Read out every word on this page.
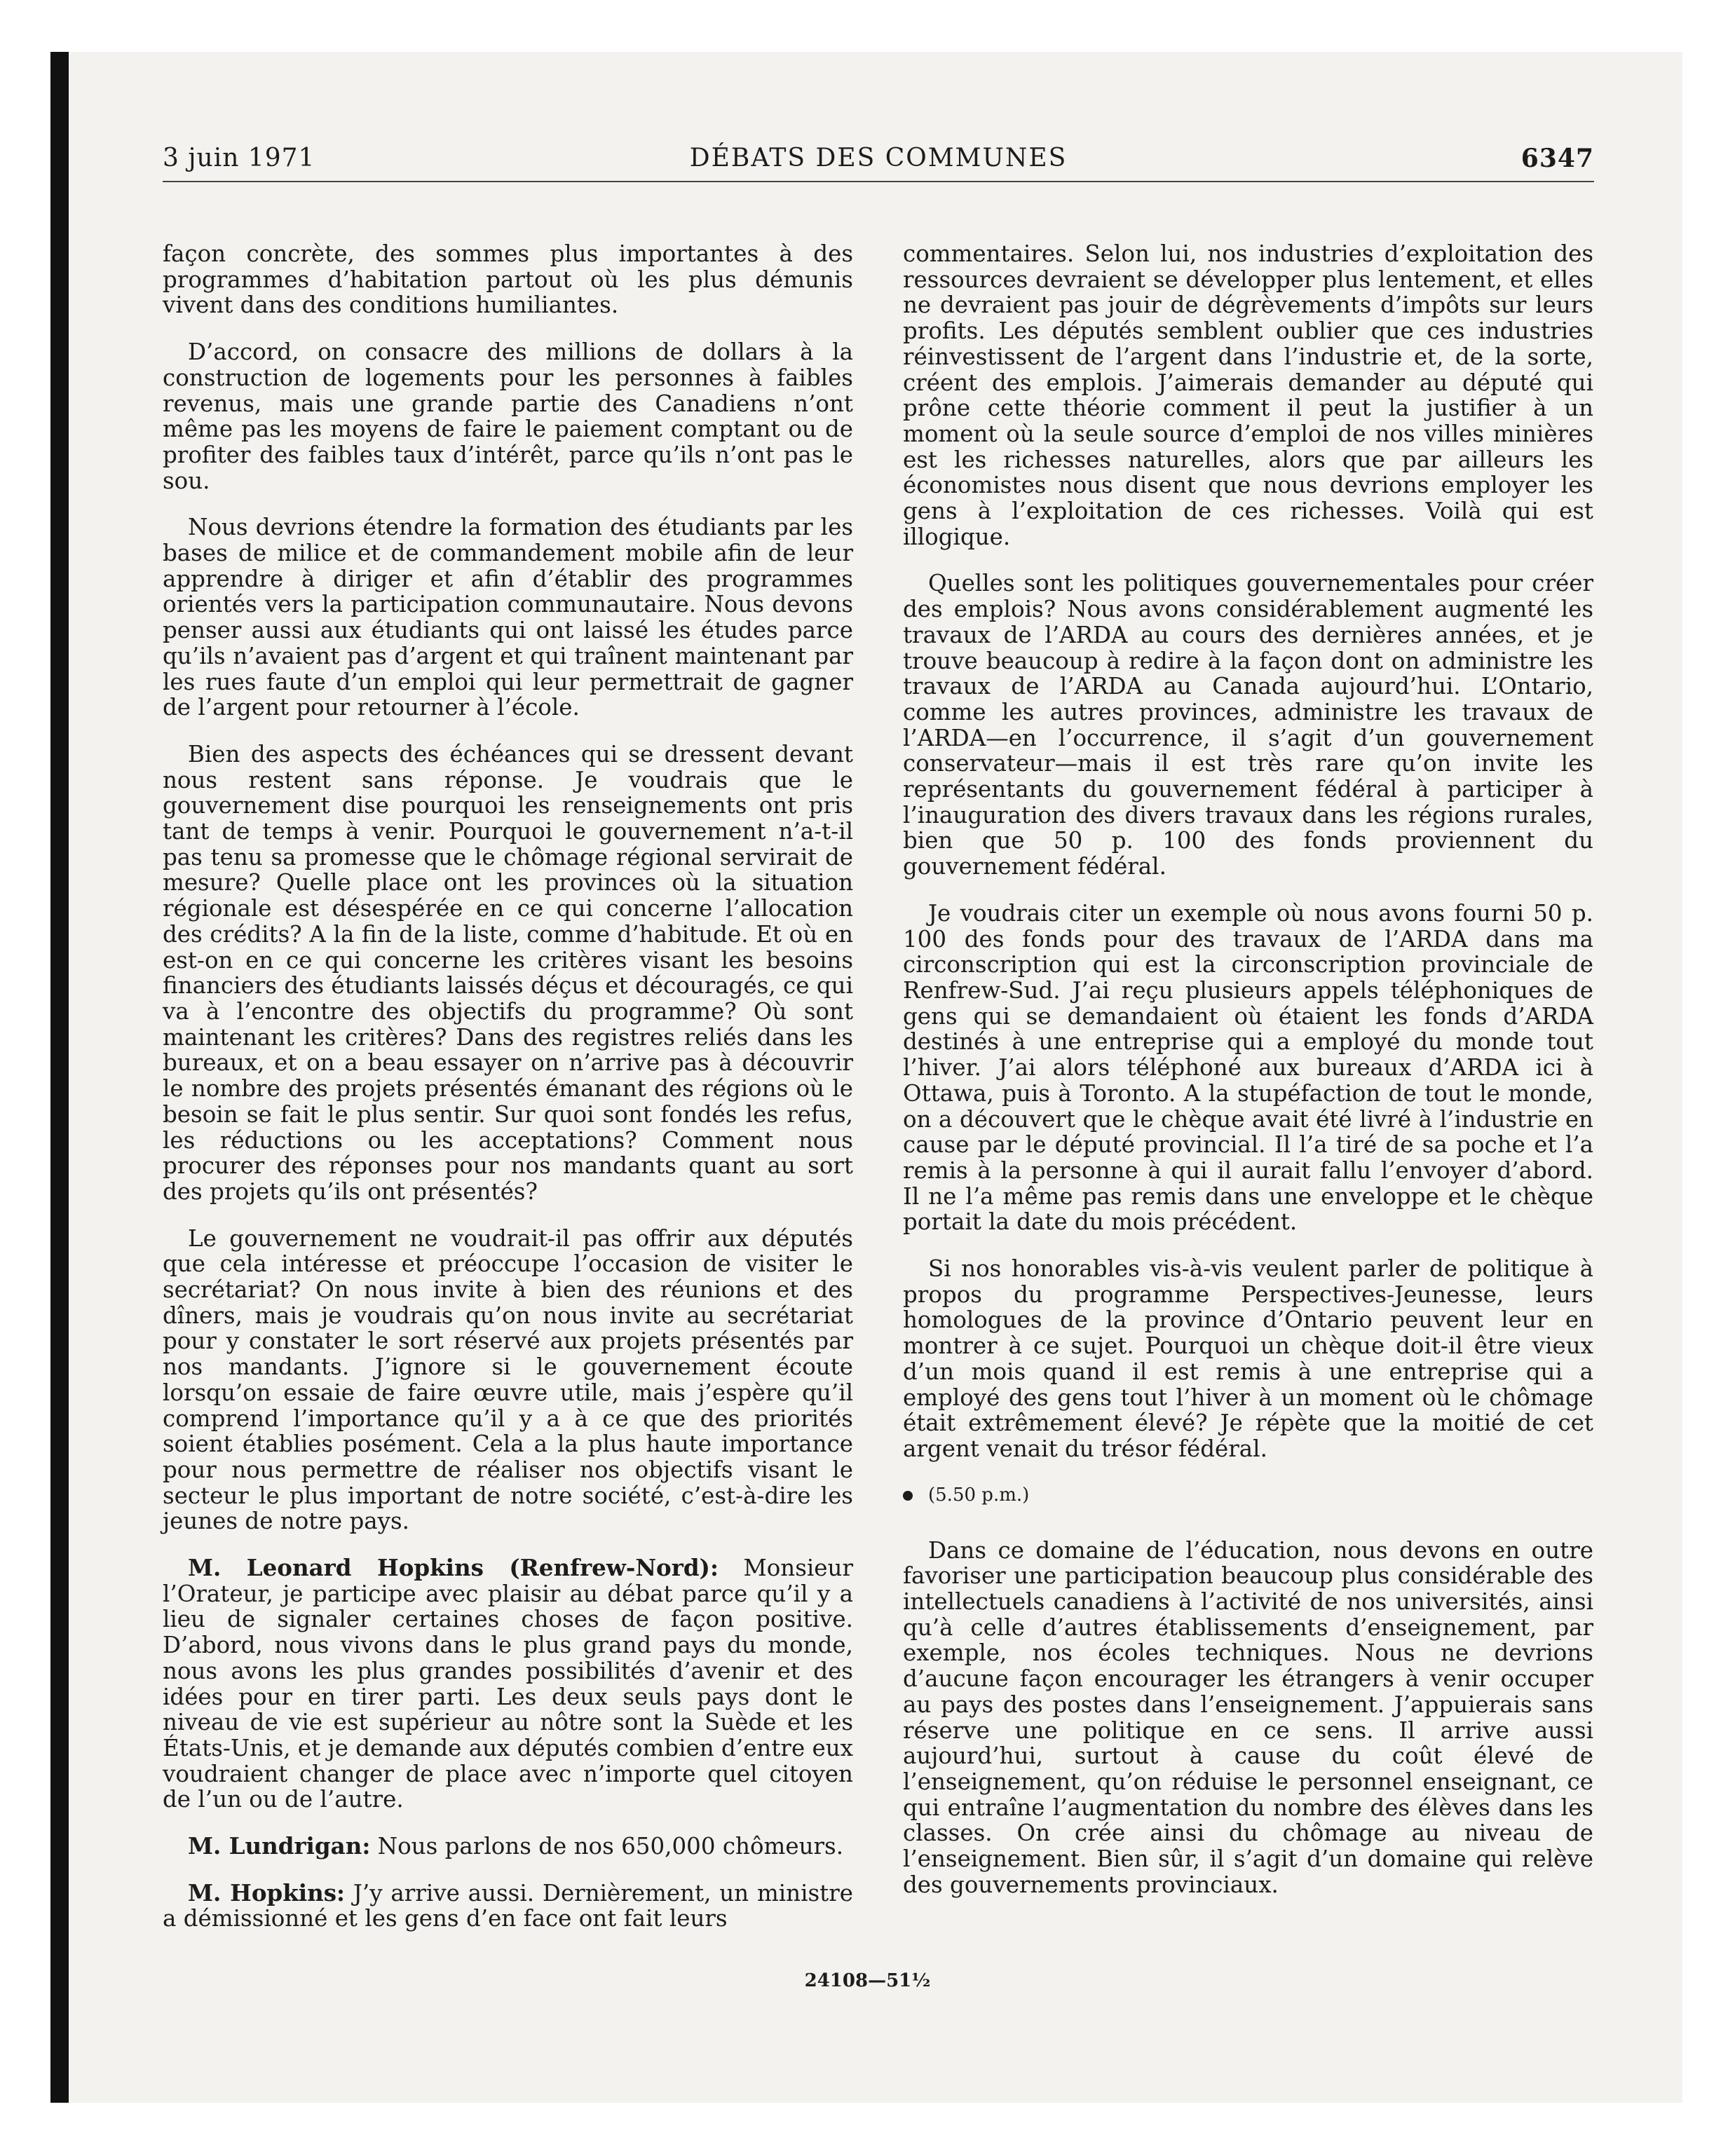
3 juin 1971	DÉBATS DES COMMUNES	6347

façon concrète, des sommes plus importantes à des programmes d’habitation partout où les plus démunis vivent dans des conditions humiliantes.

D’accord, on consacre des millions de dollars à la construction de logements pour les personnes à faibles revenus, mais une grande partie des Canadiens n’ont même pas les moyens de faire le paiement comptant ou de profiter des faibles taux d’intérêt, parce qu’ils n’ont pas le sou.

Nous devrions étendre la formation des étudiants par les bases de milice et de commandement mobile afin de leur apprendre à diriger et afin d’établir des programmes orientés vers la participation communautaire. Nous devons penser aussi aux étudiants qui ont laissé les études parce qu’ils n’avaient pas d’argent et qui traînent maintenant par les rues faute d’un emploi qui leur permettrait de gagner de l’argent pour retourner à l’école.

Bien des aspects des échéances qui se dressent devant nous restent sans réponse. Je voudrais que le gouvernement dise pourquoi les renseignements ont pris tant de temps à venir. Pourquoi le gouvernement n’a-t-il pas tenu sa promesse que le chômage régional servirait de mesure? Quelle place ont les provinces où la situation régionale est désespérée en ce qui concerne l’allocation des crédits? A la fin de la liste, comme d’habitude. Et où en est-on en ce qui concerne les critères visant les besoins financiers des étudiants laissés déçus et découragés, ce qui va à l’encontre des objectifs du programme? Où sont maintenant les critères? Dans des registres reliés dans les bureaux, et on a beau essayer on n’arrive pas à découvrir le nombre des projets présentés émanant des régions où le besoin se fait le plus sentir. Sur quoi sont fondés les refus, les réductions ou les acceptations? Comment nous procurer des réponses pour nos mandants quant au sort des projets qu’ils ont présentés?

Le gouvernement ne voudrait-il pas offrir aux députés que cela intéresse et préoccupe l’occasion de visiter le secrétariat? On nous invite à bien des réunions et des dîners, mais je voudrais qu’on nous invite au secrétariat pour y constater le sort réservé aux projets présentés par nos mandants. J’ignore si le gouvernement écoute lorsqu’on essaie de faire œuvre utile, mais j’espère qu’il comprend l’importance qu’il y a à ce que des priorités soient établies posément. Cela a la plus haute importance pour nous permettre de réaliser nos objectifs visant le secteur le plus important de notre société, c’est-à-dire les jeunes de notre pays.

M. Leonard Hopkins (Renfrew-Nord): Monsieur l’Orateur, je participe avec plaisir au débat parce qu’il y a lieu de signaler certaines choses de façon positive. D’abord, nous vivons dans le plus grand pays du monde, nous avons les plus grandes possibilités d’avenir et des idées pour en tirer parti. Les deux seuls pays dont le niveau de vie est supérieur au nôtre sont la Suède et les États-Unis, et je demande aux députés combien d’entre eux voudraient changer de place avec n’importe quel citoyen de l’un ou de l’autre.

M. Lundrigan: Nous parlons de nos 650,000 chômeurs.

M. Hopkins: J’y arrive aussi. Dernièrement, un ministre a démissionné et les gens d’en face ont fait leurs

commentaires. Selon lui, nos industries d’exploitation des ressources devraient se développer plus lentement, et elles ne devraient pas jouir de dégrèvements d’impôts sur leurs profits. Les députés semblent oublier que ces industries réinvestissent de l’argent dans l’industrie et, de la sorte, créent des emplois. J’aimerais demander au député qui prône cette théorie comment il peut la justifier à un moment où la seule source d’emploi de nos villes minières est les richesses naturelles, alors que par ailleurs les économistes nous disent que nous devrions employer les gens à l’exploitation de ces richesses. Voilà qui est illogique.

Quelles sont les politiques gouvernementales pour créer des emplois? Nous avons considérablement augmenté les travaux de l’ARDA au cours des dernières années, et je trouve beaucoup à redire à la façon dont on administre les travaux de l’ARDA au Canada aujourd’hui. L’Ontario, comme les autres provinces, administre les travaux de l’ARDA—en l’occurrence, il s’agit d’un gouvernement conservateur—mais il est très rare qu’on invite les représentants du gouvernement fédéral à participer à l’inauguration des divers travaux dans les régions rurales, bien que 50 p. 100 des fonds proviennent du gouvernement fédéral.

Je voudrais citer un exemple où nous avons fourni 50 p. 100 des fonds pour des travaux de l’ARDA dans ma circonscription qui est la circonscription provinciale de Renfrew-Sud. J’ai reçu plusieurs appels téléphoniques de gens qui se demandaient où étaient les fonds d’ARDA destinés à une entreprise qui a employé du monde tout l’hiver. J’ai alors téléphoné aux bureaux d’ARDA ici à Ottawa, puis à Toronto. A la stupéfaction de tout le monde, on a découvert que le chèque avait été livré à l’industrie en cause par le député provincial. Il l’a tiré de sa poche et l’a remis à la personne à qui il aurait fallu l’envoyer d’abord. Il ne l’a même pas remis dans une enveloppe et le chèque portait la date du mois précédent.

Si nos honorables vis-à-vis veulent parler de politique à propos du programme Perspectives-Jeunesse, leurs homologues de la province d’Ontario peuvent leur en montrer à ce sujet. Pourquoi un chèque doit-il être vieux d’un mois quand il est remis à une entreprise qui a employé des gens tout l’hiver à un moment où le chômage était extrêmement élevé? Je répète que la moitié de cet argent venait du trésor fédéral.

(5.50 p.m.)

Dans ce domaine de l’éducation, nous devons en outre favoriser une participation beaucoup plus considérable des intellectuels canadiens à l’activité de nos universités, ainsi qu’à celle d’autres établissements d’enseignement, par exemple, nos écoles techniques. Nous ne devrions d’aucune façon encourager les étrangers à venir occuper au pays des postes dans l’enseignement. J’appuierais sans réserve une politique en ce sens. Il arrive aussi aujourd’hui, surtout à cause du coût élevé de l’enseignement, qu’on réduise le personnel enseignant, ce qui entraîne l’augmentation du nombre des élèves dans les classes. On crée ainsi du chômage au niveau de l’enseignement. Bien sûr, il s’agit d’un domaine qui relève des gouvernements provinciaux.

24108—51½
